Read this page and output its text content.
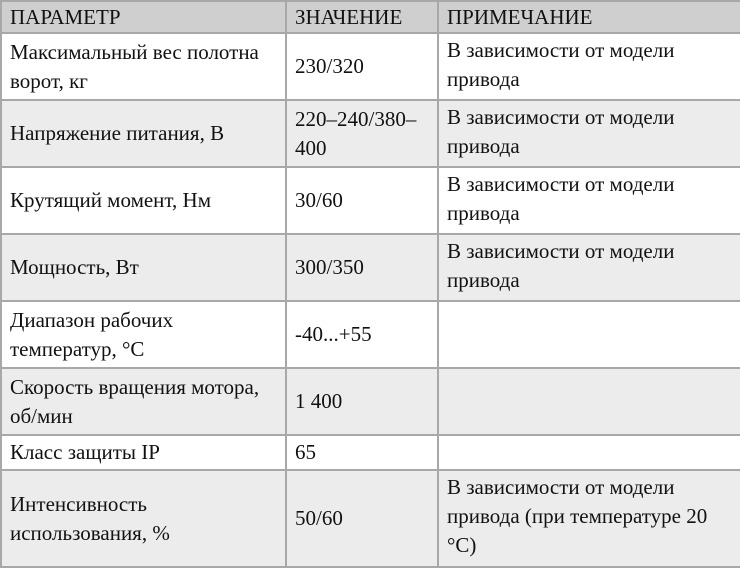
ПАРАМЕТР	ЗНАЧЕНИЕ	ПРИМЕЧАНИЕ
Максимальный вес полотна ворот, кг	230/320	В зависимости от модели привода
Напряжение питания, В	220–240/380–400	В зависимости от модели привода
Крутящий момент, Нм	30/60	В зависимости от модели привода
Мощность, Вт	300/350	В зависимости от модели привода
Диапазон рабочих температур, °С	-40...+55	
Скорость вращения мотора, об/мин	1 400	
Класс защиты IP	65	
Интенсивность использования, %	50/60	В зависимости от модели привода (при температуре 20 °С)
